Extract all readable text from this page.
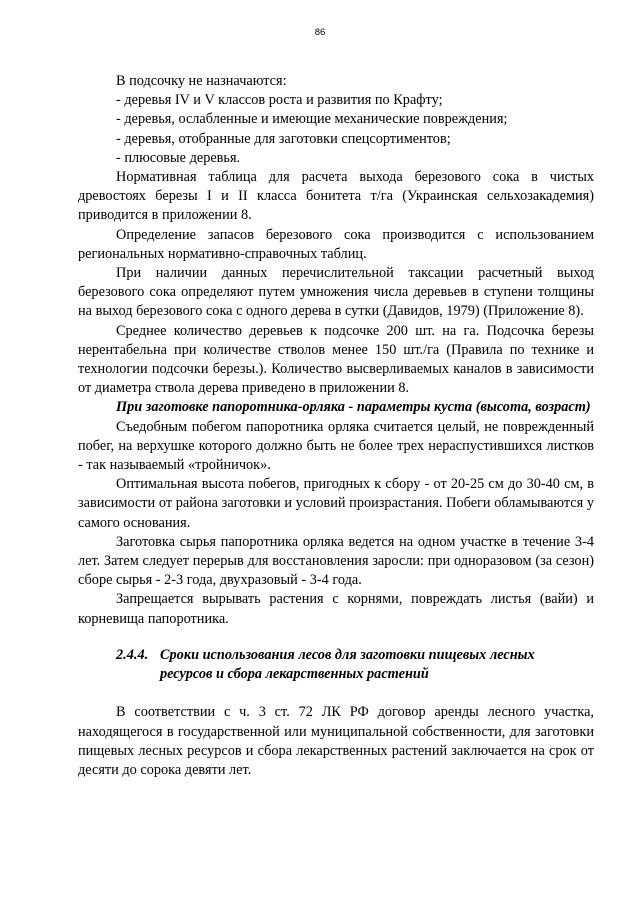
86

В подсочку не назначаются:

- деревья IV и V классов роста и развития по Крафту;

- деревья, ослабленные и имеющие механические повреждения;

- деревья, отобранные для заготовки спецсортиментов;

- плюсовые деревья.

Нормативная таблица для расчета выхода березового сока в чистых древостоях березы I и II класса бонитета т/га (Украинская сельхозакадемия) приводится в приложении 8.

Определение запасов березового сока производится с использованием региональных нормативно-справочных таблиц.

При наличии данных перечислительной таксации расчетный выход березового сока определяют путем умножения числа деревьев в ступени толщины на выход березового сока с одного дерева в сутки (Давидов, 1979) (Приложение 8).

Среднее количество деревьев к подсочке 200 шт. на га. Подсочка березы нерентабельна при количестве стволов менее 150 шт./га (Правила по технике и технологии подсочки березы.). Количество высверливаемых каналов в зависимости от диаметра ствола дерева приведено в приложении 8.

При заготовке папоротника-орляка - параметры куста (высота, возраст)

Съедобным побегом папоротника орляка считается целый, не поврежденный побег, на верхушке которого должно быть не более трех нераспустившихся листков - так называемый «тройничок».

Оптимальная высота побегов, пригодных к сбору - от 20-25 см до 30-40 см, в зависимости от района заготовки и условий произрастания. Побеги обламываются у самого основания.

Заготовка сырья папоротника орляка ведется на одном участке в течение 3-4 лет. Затем следует перерыв для восстановления заросли: при одноразовом (за сезон) сборе сырья - 2-3 года, двухразовый - 3-4 года.

Запрещается вырывать растения с корнями, повреждать листья (вайи) и корневища папоротника.

2.4.4. Сроки использования лесов для заготовки пищевых лесных
ресурсов и сбора лекарственных растений

В соответствии с ч. 3 ст. 72 ЛК РФ договор аренды лесного участка, находящегося в государственной или муниципальной собственности, для заготовки пищевых лесных ресурсов и сбора лекарственных растений заключается на срок от десяти до сорока девяти лет.
